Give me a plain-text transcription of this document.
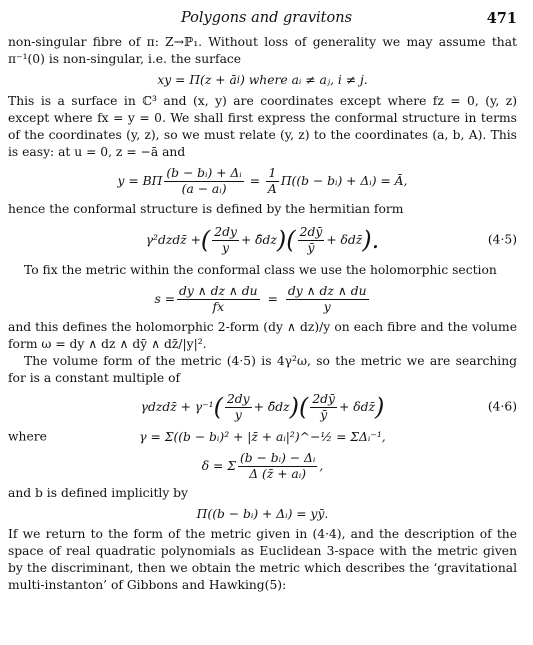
Polygons and gravitons	471

non-singular fibre of π: Z→ℙ₁. Without loss of generality we may assume that π⁻¹(0) is non-singular, i.e. the surface

xy = Π(z + ā i ) where aᵢ ≠ aⱼ, i ≠ j.

This is a surface in ℂ³ and (x, y) are coordinates except where fz = 0, (y, z) except where fx = y = 0. We shall first express the conformal structure in terms of the coordinates (y, z), so we must relate (y, z) to the coordinates (a, b, A). This is easy: at u = 0, z = −ā and

y = BΠ $\frac{\text{(b − bᵢ) + Δᵢ}}{\text{(a − aᵢ)}} = \frac{1}{A} \Pi((b$ − bᵢ) + Δᵢ) = Ā,

hence the conformal structure is defined by the hermitian form

γ²dzdz̄ + ( $\frac{2dy}{y}$ + δ̄dz ) ( $\frac{2dȳ}{ȳ}$ + δdz̄ ).	(4·5)

To fix the metric within the conformal class we use the holomorphic section

$s = \frac{dy \wedge dz \wedge du}{fx} = \frac{dy \wedge dz \wedge du}{y}$

and this defines the holomorphic 2-form (dy ∧ dz)/y on each fibre and the volume form ω = dy ∧ dz ∧ dȳ ∧ dz̄/|y|².

The volume form of the metric (4·5) is 4γ²ω, so the metric we are searching for is a constant multiple of

γdzdz̄ + γ⁻¹ ( $\frac{2dy}{y}$ + δ̄dz ) ( $\frac{2dȳ}{ȳ}$ + δdz̄ )	(4·6)
where	γ = Σ((b − bᵢ)² + |z̄ + aᵢ|²)^−½ = ΣΔᵢ⁻¹,
δ = Σ $\frac{\text{(b − bᵢ) − Δᵢ}}{\text{Δ (z̄ + aᵢ)}}$ ,

and b is defined implicitly by

Π((b − bᵢ) + Δᵢ) = yȳ.

If we return to the form of the metric given in (4·4), and the description of the space of real quadratic polynomials as Euclidean 3-space with the metric given by the discriminant, then we obtain the metric which describes the ‘gravitational multi-instanton’ of Gibbons and Hawking(5):
